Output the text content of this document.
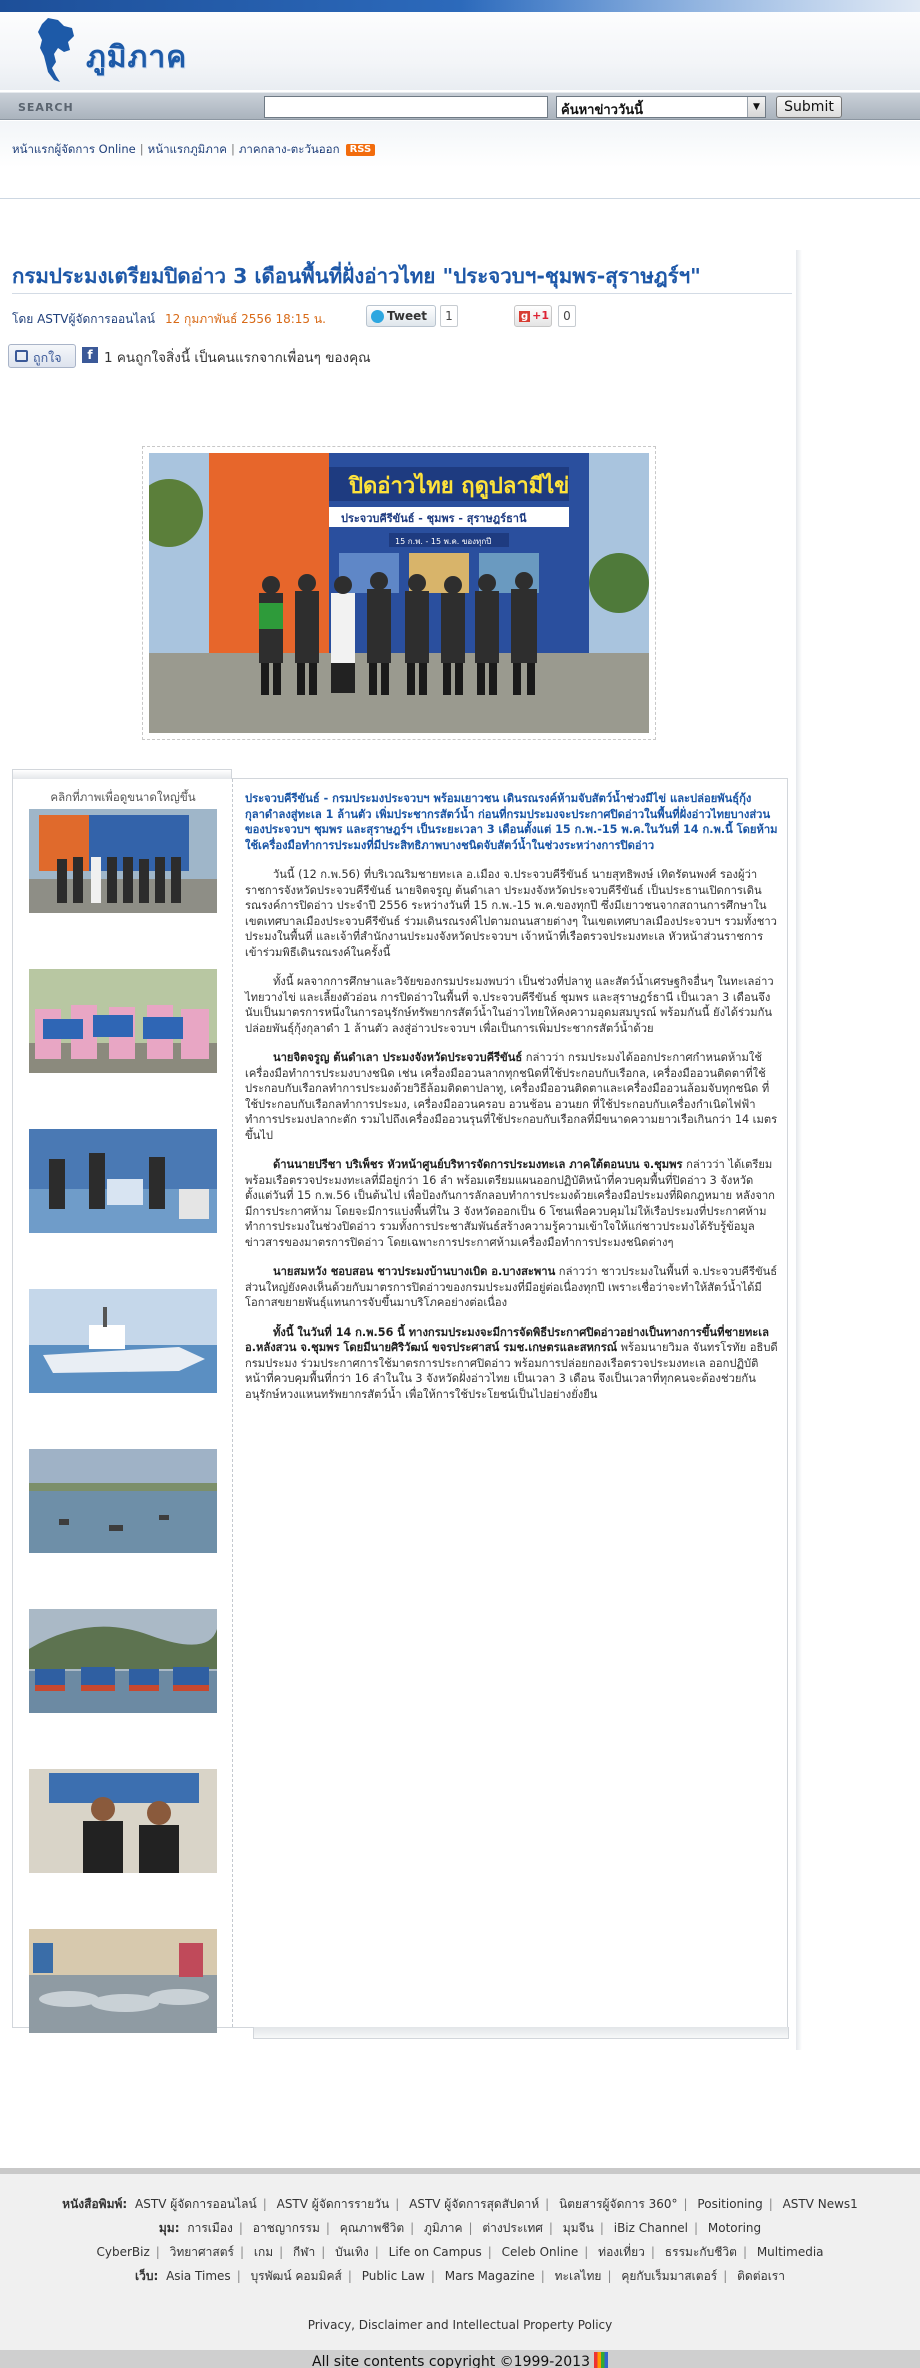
ภูมิภาค
SEARCH	ค้นหาข่าววันนี้	▼	Submit
หน้าแรกผู้จัดการ Online | หน้าแรกภูมิภาค | ภาคกลาง-ตะวันออก RSS
กรมประมงเตรียมปิดอ่าว 3 เดือนพื้นที่ฝั่งอ่าวไทย "ประจวบฯ-ชุมพร-สุราษฎร์ฯ"
โดย ASTVผู้จัดการออนไลน์ 12 กุมภาพันธ์ 2556 18:15 น.	Tweet	1	g +1	0
ถูกใจ	f 1 คนถูกใจสิ่งนี้ เป็นคนแรกจากเพื่อนๆ ของคุณ
ปิดอ่าวไทย ฤดูปลามีไข่
ประจวบคีรีขันธ์ - ชุมพร - สุราษฎร์ธานี
15 ก.พ. - 15 พ.ค. ของทุกปี
คลิกที่ภาพเพื่อดูขนาดใหญ่ขึ้น	ประจวบคีรีขันธ์ - กรมประมงประจวบฯ พร้อมเยาวชน เดินรณรงค์ห้ามจับสัตว์น้ำช่วงมีไข่ และปล่อยพันธุ์กุ้งกุลาดำลงสู่ทะเล 1 ล้านตัว เพิ่มประชากรสัตว์น้ำ ก่อนที่กรมประมงจะประกาศปิดอ่าวในพื้นที่ฝั่งอ่าวไทยบางส่วนของประจวบฯ ชุมพร และสุราษฎร์ฯ เป็นระยะเวลา 3 เดือนตั้งแต่ 15 ก.พ.-15 พ.ค.ในวันที่ 14 ก.พ.นี้ โดยห้ามใช้เครื่องมือทำการประมงที่มีประสิทธิภาพบางชนิดจับสัตว์น้ำในช่วงระหว่างการปิดอ่าว

วันนี้ (12 ก.พ.56) ที่บริเวณริมชายทะเล อ.เมือง จ.ประจวบคีรีขันธ์ นายสุทธิพงษ์ เทิดรัตนพงศ์ รองผู้ว่าราชการจังหวัดประจวบคีรีขันธ์ นายจิตจรูญ ต้นดำเลา ประมงจังหวัดประจวบคีรีขันธ์ เป็นประธานเปิดการเดินรณรงค์การปิดอ่าว ประจำปี 2556 ระหว่างวันที่ 15 ก.พ.-15 พ.ค.ของทุกปี ซึ่งมีเยาวชนจากสถานการศึกษาในเขตเทศบาลเมืองประจวบคีรีขันธ์ ร่วมเดินรณรงค์ไปตามถนนสายต่างๆ ในเขตเทศบาลเมืองประจวบฯ รวมทั้งชาวประมงในพื้นที่ และเจ้าที่สำนักงานประมงจังหวัดประจวบฯ เจ้าหน้าที่เรือตรวจประมงทะเล หัวหน้าส่วนราชการ เข้าร่วมพิธีเดินรณรงค์ในครั้งนี้

ทั้งนี้ ผลจากการศึกษาและวิจัยของกรมประมงพบว่า เป็นช่วงที่ปลาทู และสัตว์น้ำเศรษฐกิจอื่นๆ ในทะเลอ่าวไทยวางไข่ และเลี้ยงตัวอ่อน การปิดอ่าวในพื้นที่ จ.ประจวบคีรีขันธ์ ชุมพร และสุราษฎร์ธานี เป็นเวลา 3 เดือนจึงนับเป็นมาตรการหนึ่งในการอนุรักษ์ทรัพยากรสัตว์น้ำในอ่าวไทยให้คงความอุดมสมบูรณ์ พร้อมกันนี้ ยังได้ร่วมกันปล่อยพันธุ์กุ้งกุลาดำ 1 ล้านตัว ลงสู่อ่าวประจวบฯ เพื่อเป็นการเพิ่มประชากรสัตว์น้ำด้วย

นายจิตจรูญ ต้นดำเลา ประมงจังหวัดประจวบคีรีขันธ์ กล่าวว่า กรมประมงได้ออกประกาศกำหนดห้ามใช้เครื่องมือทำการประมงบางชนิด เช่น เครื่องมืออวนลากทุกชนิดที่ใช้ประกอบกับเรือกล, เครื่องมืออวนติดตาที่ใช้ประกอบกับเรือกลทำการประมงด้วยวิธีล้อมติดตาปลาทู, เครื่องมืออวนติดตาและเครื่องมืออวนล้อมจับทุกชนิด ที่ใช้ประกอบกับเรือกลทำการประมง, เครื่องมืออวนครอบ อวนช้อน อวนยก ที่ใช้ประกอบกับเครื่องกำเนิดไฟฟ้า ทำการประมงปลากะตัก รวมไปถึงเครื่องมืออวนรุนที่ใช้ประกอบกับเรือกลที่มีขนาดความยาวเรือเกินกว่า 14 เมตรขึ้นไป

ด้านนายปรีชา บริเพ็ชร หัวหน้าศูนย์บริหารจัดการประมงทะเล ภาคใต้ตอนบน จ.ชุมพร กล่าวว่า ได้เตรียมพร้อมเรือตรวจประมงทะเลที่มีอยู่กว่า 16 ลำ พร้อมเตรียมแผนออกปฏิบัติหน้าที่ควบคุมพื้นที่ปิดอ่าว 3 จังหวัด ตั้งแต่วันที่ 15 ก.พ.56 เป็นต้นไป เพื่อป้องกันการลักลอบทำการประมงด้วยเครื่องมือประมงที่ผิดกฎหมาย หลังจากมีการประกาศห้าม โดยจะมีการแบ่งพื้นที่ใน 3 จังหวัดออกเป็น 6 โซนเพื่อควบคุมไม่ให้เรือประมงที่ประกาศห้ามทำการประมงในช่วงปิดอ่าว รวมทั้งการประชาสัมพันธ์สร้างความรู้ความเข้าใจให้แก่ชาวประมงได้รับรู้ข้อมูลข่าวสารของมาตรการปิดอ่าว โดยเฉพาะการประกาศห้ามเครื่องมือทำการประมงชนิดต่างๆ

นายสมหวัง ชอบสอน ชาวประมงบ้านบางเบิด อ.บางสะพาน กล่าวว่า ชาวประมงในพื้นที่ จ.ประจวบคีรีขันธ์ ส่วนใหญ่ยังคงเห็นด้วยกับมาตรการปิดอ่าวของกรมประมงที่มีอยู่ต่อเนื่องทุกปี เพราะเชื่อว่าจะทำให้สัตว์น้ำได้มีโอกาสขยายพันธุ์แทนการจับขึ้นมาบริโภคอย่างต่อเนื่อง

ทั้งนี้ ในวันที่ 14 ก.พ.56 นี้ ทางกรมประมงจะมีการจัดพิธีประกาศปิดอ่าวอย่างเป็นทางการขึ้นที่ชายทะเล อ.หลังสวน จ.ชุมพร โดยมีนายศิริวัฒน์ ขจรประศาสน์ รมช.เกษตรและสหกรณ์ พร้อมนายวิมล จันทรโรทัย อธิบดีกรมประมง ร่วมประกาศการใช้มาตรการประกาศปิดอ่าว พร้อมการปล่อยกองเรือตรวจประมงทะเล ออกปฏิบัติหน้าที่ควบคุมพื้นที่กว่า 16 ลำในใน 3 จังหวัดฝั่งอ่าวไทย เป็นเวลา 3 เดือน จึงเป็นเวลาที่ทุกคนจะต้องช่วยกันอนุรักษ์หวงแหนทรัพยากรสัตว์น้ำ เพื่อให้การใช้ประโยชน์เป็นไปอย่างยั่งยืน

หนังสือพิมพ์: ASTV ผู้จัดการออนไลน์ | ASTV ผู้จัดการรายวัน | ASTV ผู้จัดการสุดสัปดาห์ | นิตยสารผู้จัดการ 360° | Positioning | ASTV News1
มุม: การเมือง | อาชญากรรม | คุณภาพชีวิต | ภูมิภาค | ต่างประเทศ | มุมจีน | iBiz Channel | Motoring
CyberBiz | วิทยาศาสตร์ | เกม | กีฬา | บันเทิง | Life on Campus | Celeb Online | ท่องเที่ยว | ธรรมะกับชีวิต | Multimedia
เว็บ: Asia Times | บุรพัฒน์ คอมมิคส์ | Public Law | Mars Magazine | ทะเลไทย | คุยกับเร็มมาสเตอร์ | ติดต่อเรา
Privacy, Disclaimer and Intellectual Property Policy
All site contents copyright ©1999-2013
